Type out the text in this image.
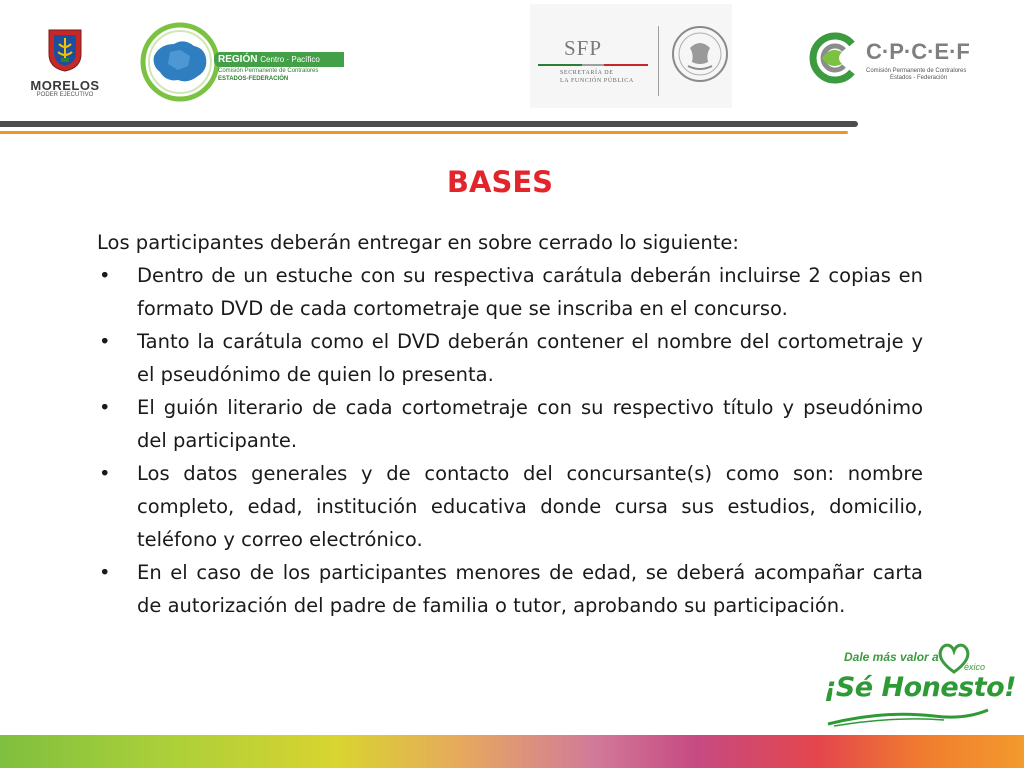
MORELOS
PODER EJECUTIVO
REGIÓN Centro · Pacífico
Comisión Permanente de Contralores
ESTADOS-FEDERACIÓN
SFP
SECRETARÍA DE
LA FUNCIÓN PÚBLICA
C·P·C·E·F
Comisión Permanente de Contralores
Estados - Federación
BASES

Los participantes deberán entregar en sobre cerrado lo siguiente:

• Dentro de un estuche con su respectiva carátula deberán incluirse 2 copias en formato DVD de cada cortometraje que se inscriba en el concurso.
• Tanto la carátula como el DVD deberán contener el nombre del cortometraje y el pseudónimo de quien lo presenta.
• El guión literario de cada cortometraje con su respectivo título y pseudónimo del participante.
• Los datos generales y de contacto del concursante(s) como son: nombre completo, edad, institución educativa donde cursa sus estudios, domicilio, teléfono y correo electrónico.
• En el caso de los participantes menores de edad, se deberá acompañar carta de autorización del padre de familia o tutor, aprobando su participación.
Dale más valor a
éxico
¡Sé Honesto!
